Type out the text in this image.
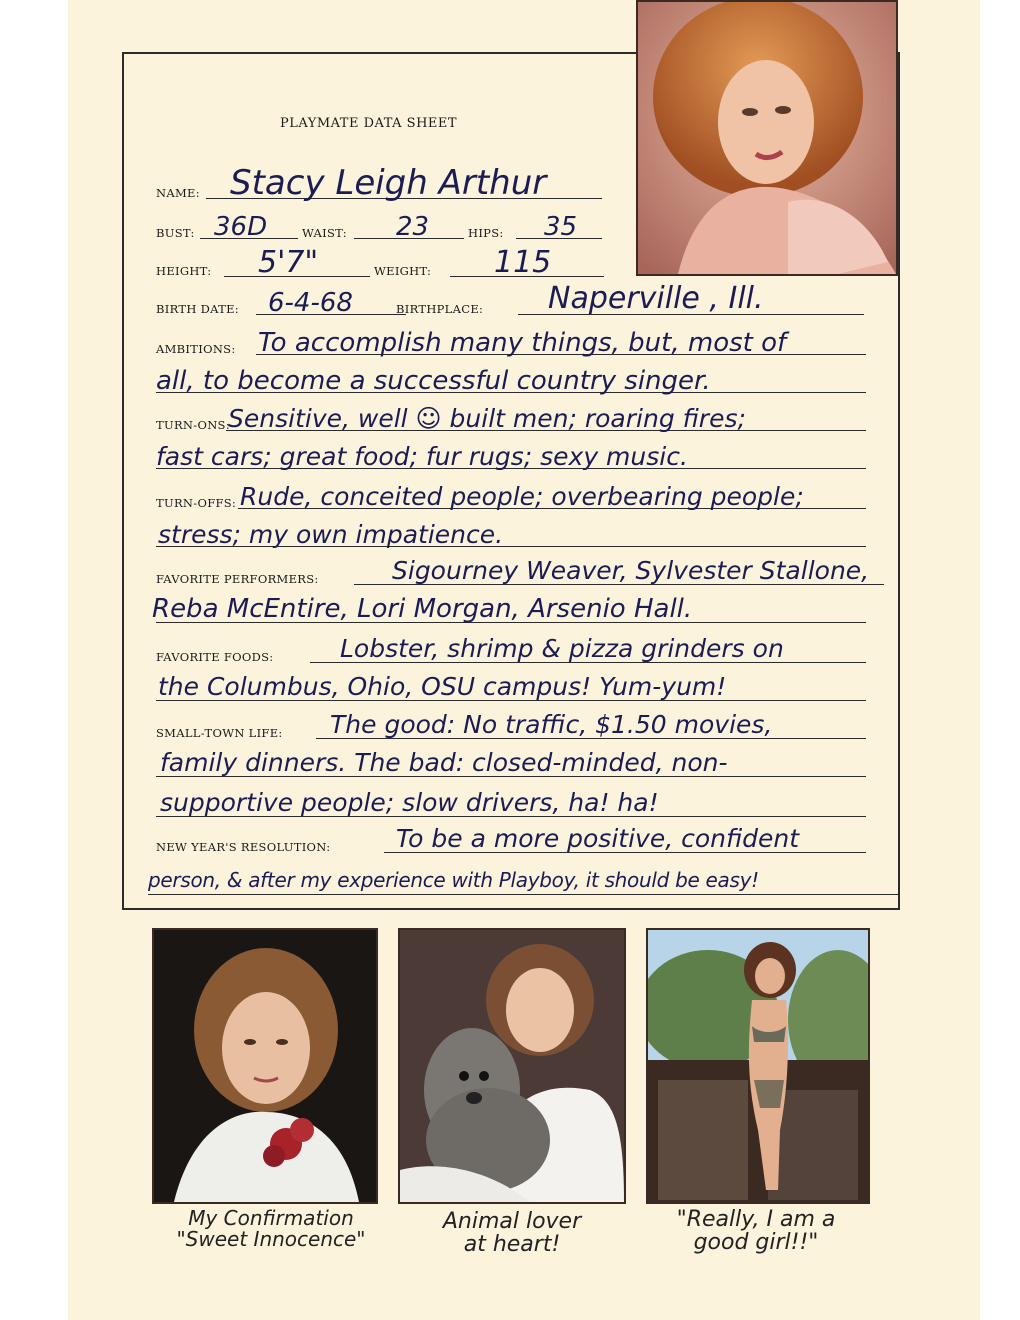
PLAYMATE DATA SHEET
NAME: Stacy Leigh Arthur
BUST: 36D	WAIST: 23	HIPS: 35
HEIGHT: 5'7"	WEIGHT: 115
BIRTH DATE: 6-4-68	BIRTHPLACE: Naperville , Ill.
AMBITIONS: To accomplish many things, but, most of
all, to become a successful country singer.
TURN-ONS:
Sensitive, well ☺ built men; roaring fires;
fast cars; great food; fur rugs; sexy music.
TURN-OFFS: Rude, conceited people; overbearing people;
stress; my own impatience.
FAVORITE PERFORMERS:	Sigourney Weaver, Sylvester Stallone,
Reba McEntire, Lori Morgan, Arsenio Hall.
FAVORITE FOODS:	Lobster, shrimp & pizza grinders on
the Columbus, Ohio, OSU campus! Yum-yum!
SMALL-TOWN LIFE: The good: No traffic, $1.50 movies,
family dinners. The bad: closed-minded, non-
supportive people; slow drivers, ha! ha!
NEW YEAR'S RESOLUTION:	To be a more positive, confident
person, & after my experience with Playboy, it should be easy!
My Confirmation
"Sweet Innocence"
Animal lover
at heart!
"Really, I am a
good girl!!"
